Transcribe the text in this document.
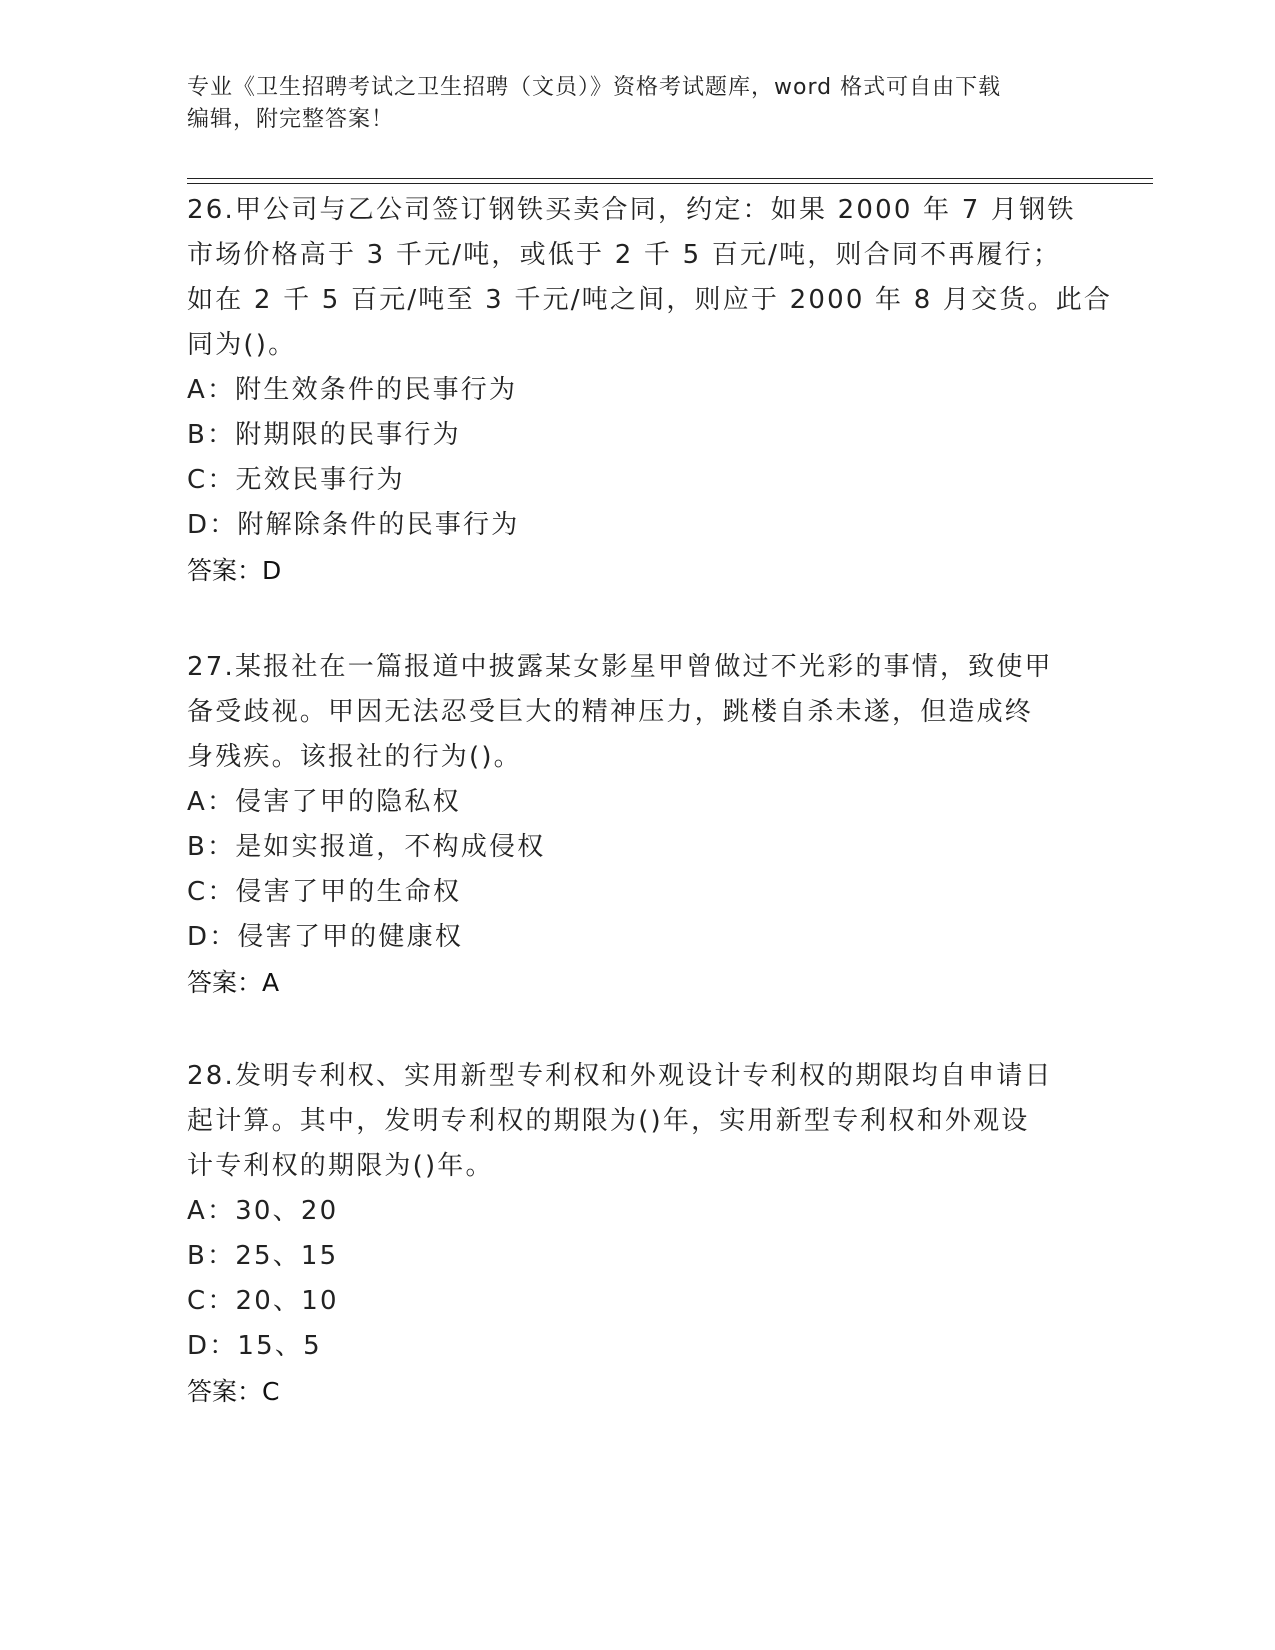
专业《卫生招聘考试之卫生招聘（文员）》资格考试题库，word 格式可自由下载
编辑，附完整答案！
26.甲公司与乙公司签订钢铁买卖合同，约定：如果 2000 年 7 月钢铁
市场价格高于 3 千元/吨，或低于 2 千 5 百元/吨，则合同不再履行；
如在 2 千 5 百元/吨至 3 千元/吨之间，则应于 2000 年 8 月交货。此合
同为()。
A：附生效条件的民事行为
B：附期限的民事行为
C：无效民事行为
D：附解除条件的民事行为
答案：D
27.某报社在一篇报道中披露某女影星甲曾做过不光彩的事情，致使甲
备受歧视。甲因无法忍受巨大的精神压力，跳楼自杀未遂，但造成终
身残疾。该报社的行为()。
A：侵害了甲的隐私权
B：是如实报道，不构成侵权
C：侵害了甲的生命权
D：侵害了甲的健康权
答案：A
28.发明专利权、实用新型专利权和外观设计专利权的期限均自申请日
起计算。其中，发明专利权的期限为()年，实用新型专利权和外观设
计专利权的期限为()年。
A：30、20
B：25、15
C：20、10
D：15、5
答案：C
